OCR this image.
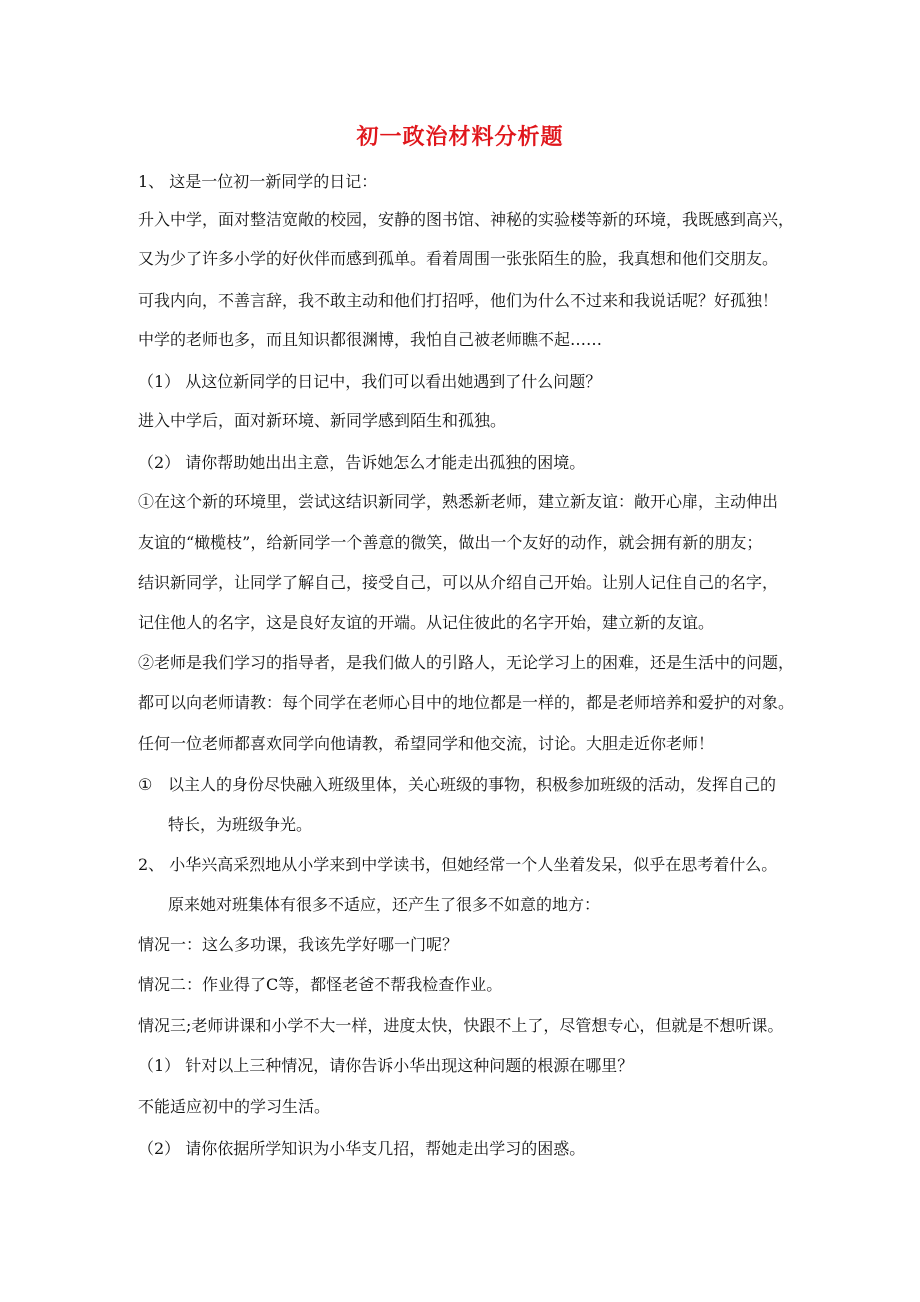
初一政治材料分析题

1、 这是一位初一新同学的日记：

升入中学，面对整洁宽敞的校园，安静的图书馆、神秘的实验楼等新的环境，我既感到高兴，

又为少了许多小学的好伙伴而感到孤单。看着周围一张张陌生的脸，我真想和他们交朋友。

可我内向，不善言辞，我不敢主动和他们打招呼，他们为什么不过来和我说话呢？好孤独！

中学的老师也多，而且知识都很渊博，我怕自己被老师瞧不起……

（1） 从这位新同学的日记中，我们可以看出她遇到了什么问题？

进入中学后，面对新环境、新同学感到陌生和孤独。

（2） 请你帮助她出出主意，告诉她怎么才能走出孤独的困境。

①在这个新的环境里，尝试这结识新同学，熟悉新老师，建立新友谊：敞开心扉，主动伸出

友谊的“橄榄枝”，给新同学一个善意的微笑，做出一个友好的动作，就会拥有新的朋友；

结识新同学，让同学了解自己，接受自己，可以从介绍自己开始。让别人记住自己的名字，

记住他人的名字，这是良好友谊的开端。从记住彼此的名字开始，建立新的友谊。

②老师是我们学习的指导者，是我们做人的引路人，无论学习上的困难，还是生活中的问题，

都可以向老师请教：每个同学在老师心目中的地位都是一样的，都是老师培养和爱护的对象。

任何一位老师都喜欢同学向他请教，希望同学和他交流，讨论。大胆走近你老师！

① 以主人的身份尽快融入班级里体，关心班级的事物，积极参加班级的活动，发挥自己的

特长，为班级争光。

2、 小华兴高采烈地从小学来到中学读书，但她经常一个人坐着发呆，似乎在思考着什么。

原来她对班集体有很多不适应，还产生了很多不如意的地方：

情况一：这么多功课，我该先学好哪一门呢？

情况二：作业得了C等，都怪老爸不帮我检查作业。

情况三;老师讲课和小学不大一样，进度太快，快跟不上了，尽管想专心，但就是不想听课。

（1） 针对以上三种情况，请你告诉小华出现这种问题的根源在哪里？

不能适应初中的学习生活。

（2） 请你依据所学知识为小华支几招，帮她走出学习的困惑。
